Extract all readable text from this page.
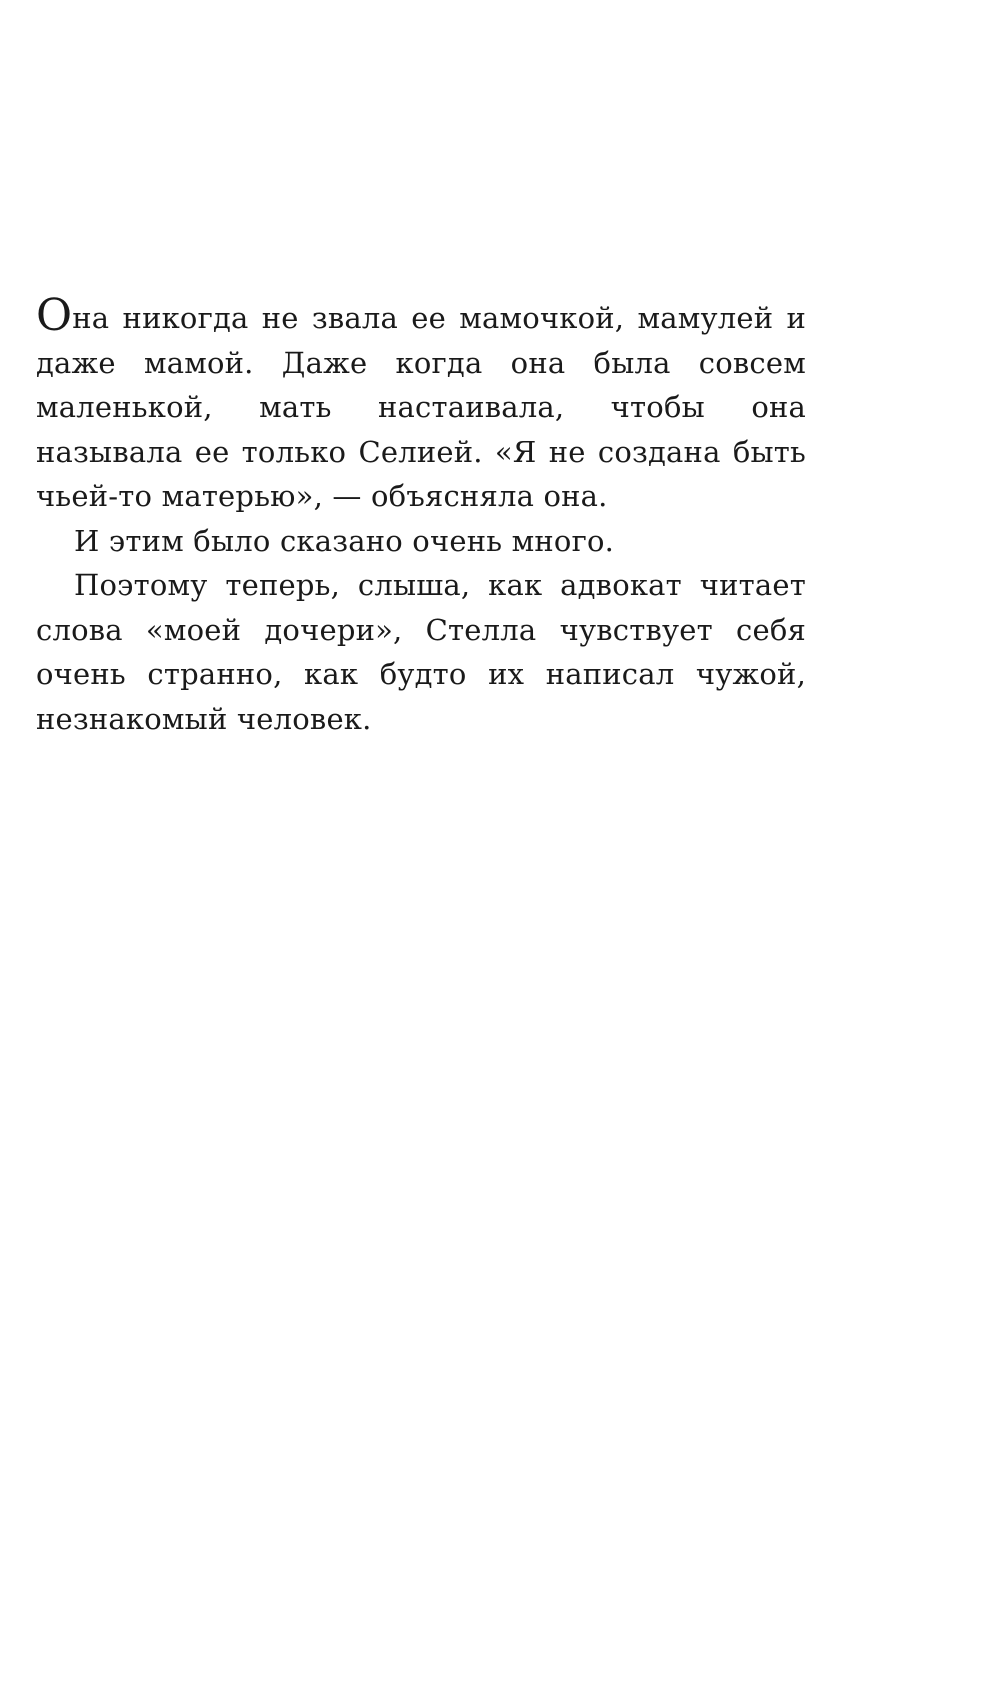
Она никогда не звала ее мамочкой, мамулей и даже мамой. Даже когда она была совсем маленькой, мать настаивала, чтобы она называла ее только Селией. «Я не создана быть чьей-то матерью», — объясняла она.

И этим было сказано очень много.

Поэтому теперь, слыша, как адвокат читает слова «моей дочери», Стелла чувствует себя очень странно, как будто их написал чужой, незнакомый человек.
